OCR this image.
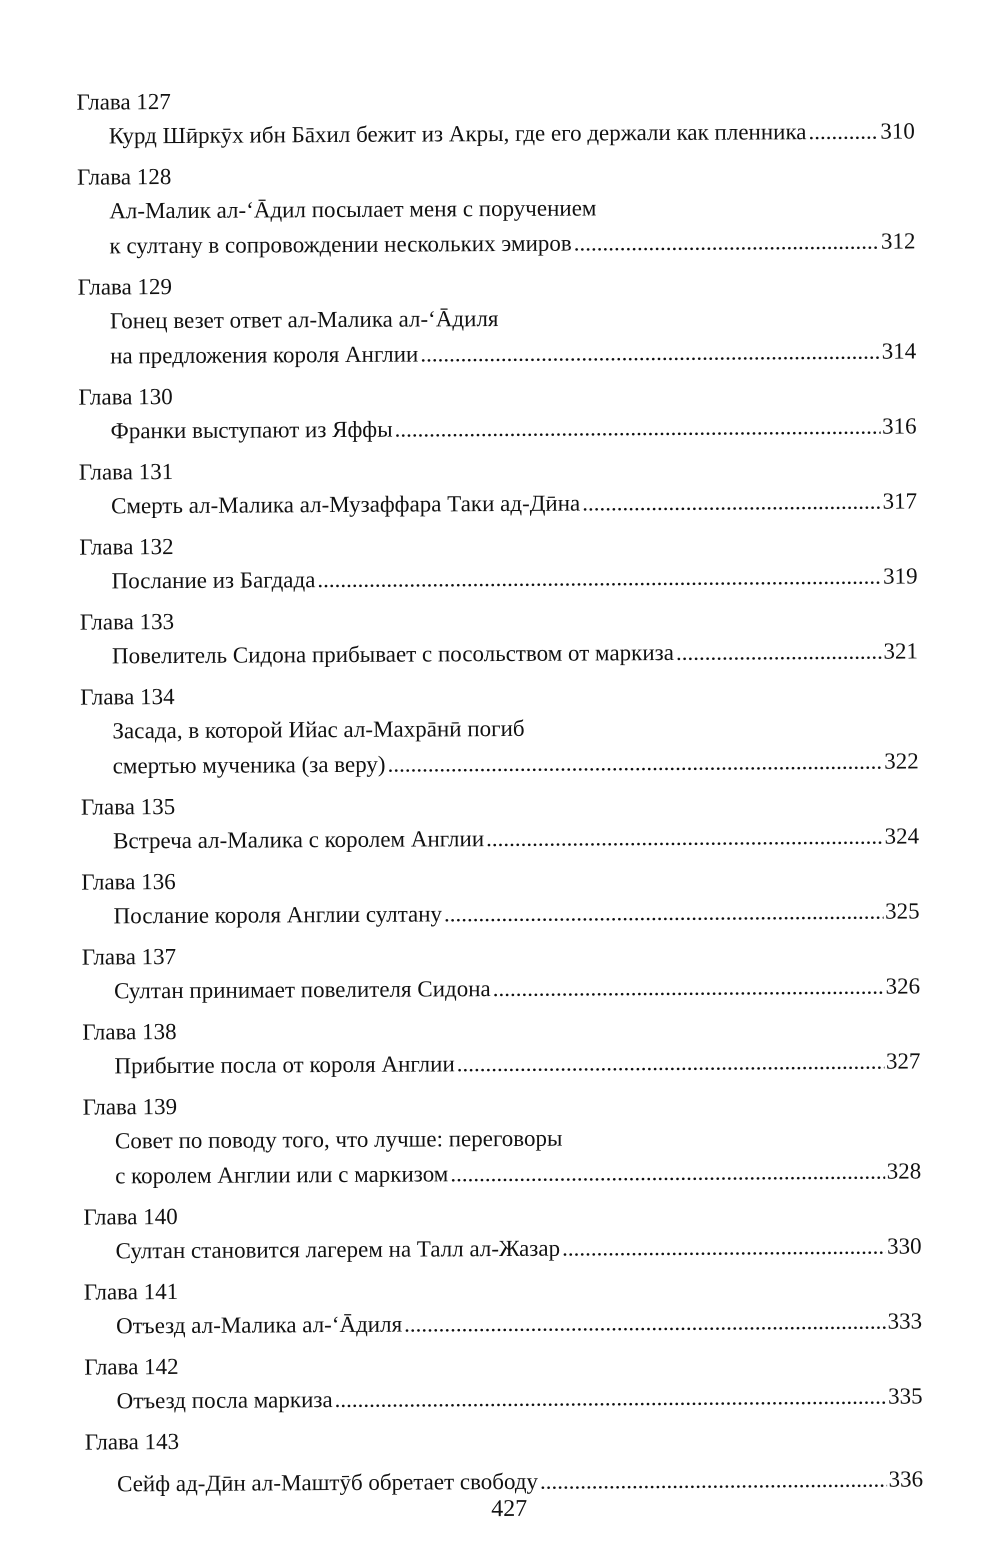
Глава 127
Курд Шӣркӯх ибн Бāхил бежит из Акры, где его держали как пленника .....	310
Глава 128
Ал-Малик ал-ʻĀдил посылает меня с поручением
к султану в сопровождении нескольких эмиров .....	312
Глава 129
Гонец везет ответ ал-Малика ал-ʻĀдиля
на предложения короля Англии .....	314
Глава 130
Франки выступают из Яффы .....	316
Глава 131
Смерть ал-Малика ал-Музаффара Таки ад-Дӣна .....	317
Глава 132
Послание из Багдада .....	319
Глава 133
Повелитель Сидона прибывает с посольством от маркиза .....	321
Глава 134
Засада, в которой Ийас ал-Махрāнӣ погиб
смертью мученика (за веру) .....	322
Глава 135
Встреча ал-Малика с королем Англии .....	324
Глава 136
Послание короля Англии султану .....	325
Глава 137
Султан принимает повелителя Сидона .....	326
Глава 138
Прибытие посла от короля Англии .....	327
Глава 139
Совет по поводу того, что лучше: переговоры
с королем Англии или с маркизом .....	328
Глава 140
Султан становится лагерем на Талл ал-Жазар .....	330
Глава 141
Отъезд ал-Малика ал-ʻĀдиля .....	333
Глава 142
Отъезд посла маркиза .....	335
Глава 143
Сейф ад-Дӣн ал-Маштӯб обретает свободу .....	336
427
